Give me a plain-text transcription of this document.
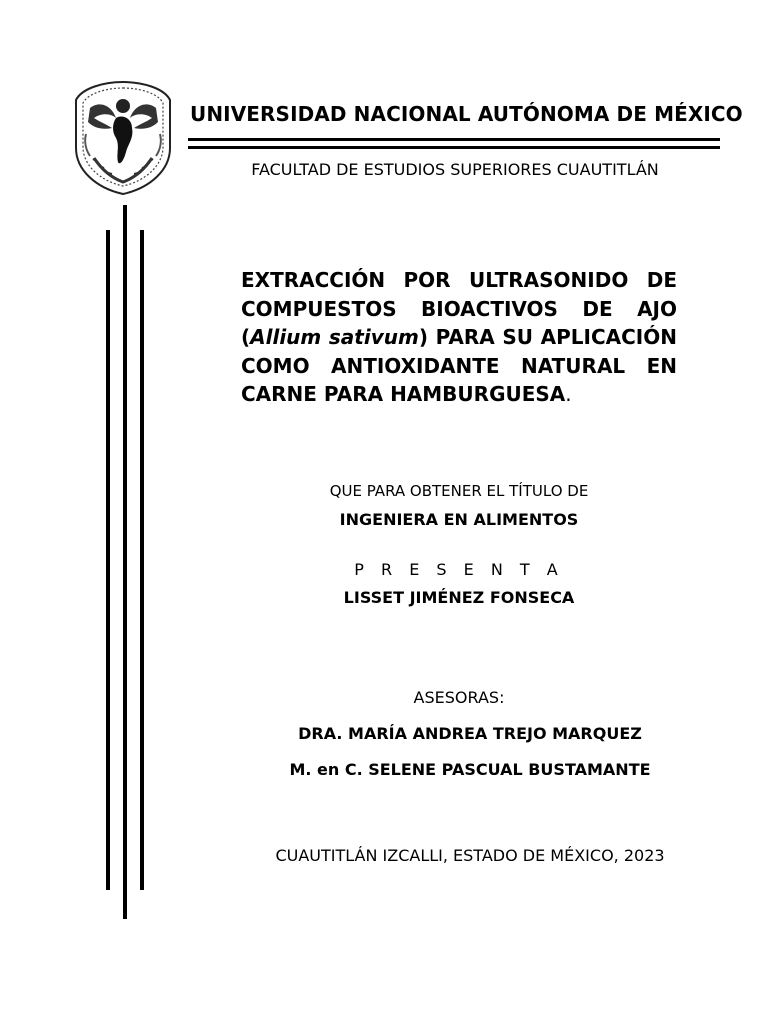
UNIVERSIDAD NACIONAL AUTÓNOMA DE MÉXICO
FACULTAD DE ESTUDIOS SUPERIORES CUAUTITLÁN
EXTRACCIÓN POR ULTRASONIDO DE COMPUESTOS BIOACTIVOS DE AJO (Allium sativum) PARA SU APLICACIÓN COMO ANTIOXIDANTE NATURAL EN CARNE PARA HAMBURGUESA.
QUE PARA OBTENER EL TÍTULO DE
INGENIERA EN ALIMENTOS
P R E S E N T A
LISSET JIMÉNEZ FONSECA
ASESORAS:
DRA. MARÍA ANDREA TREJO MARQUEZ
M. en C. SELENE PASCUAL BUSTAMANTE
CUAUTITLÁN IZCALLI, ESTADO DE MÉXICO, 2023
